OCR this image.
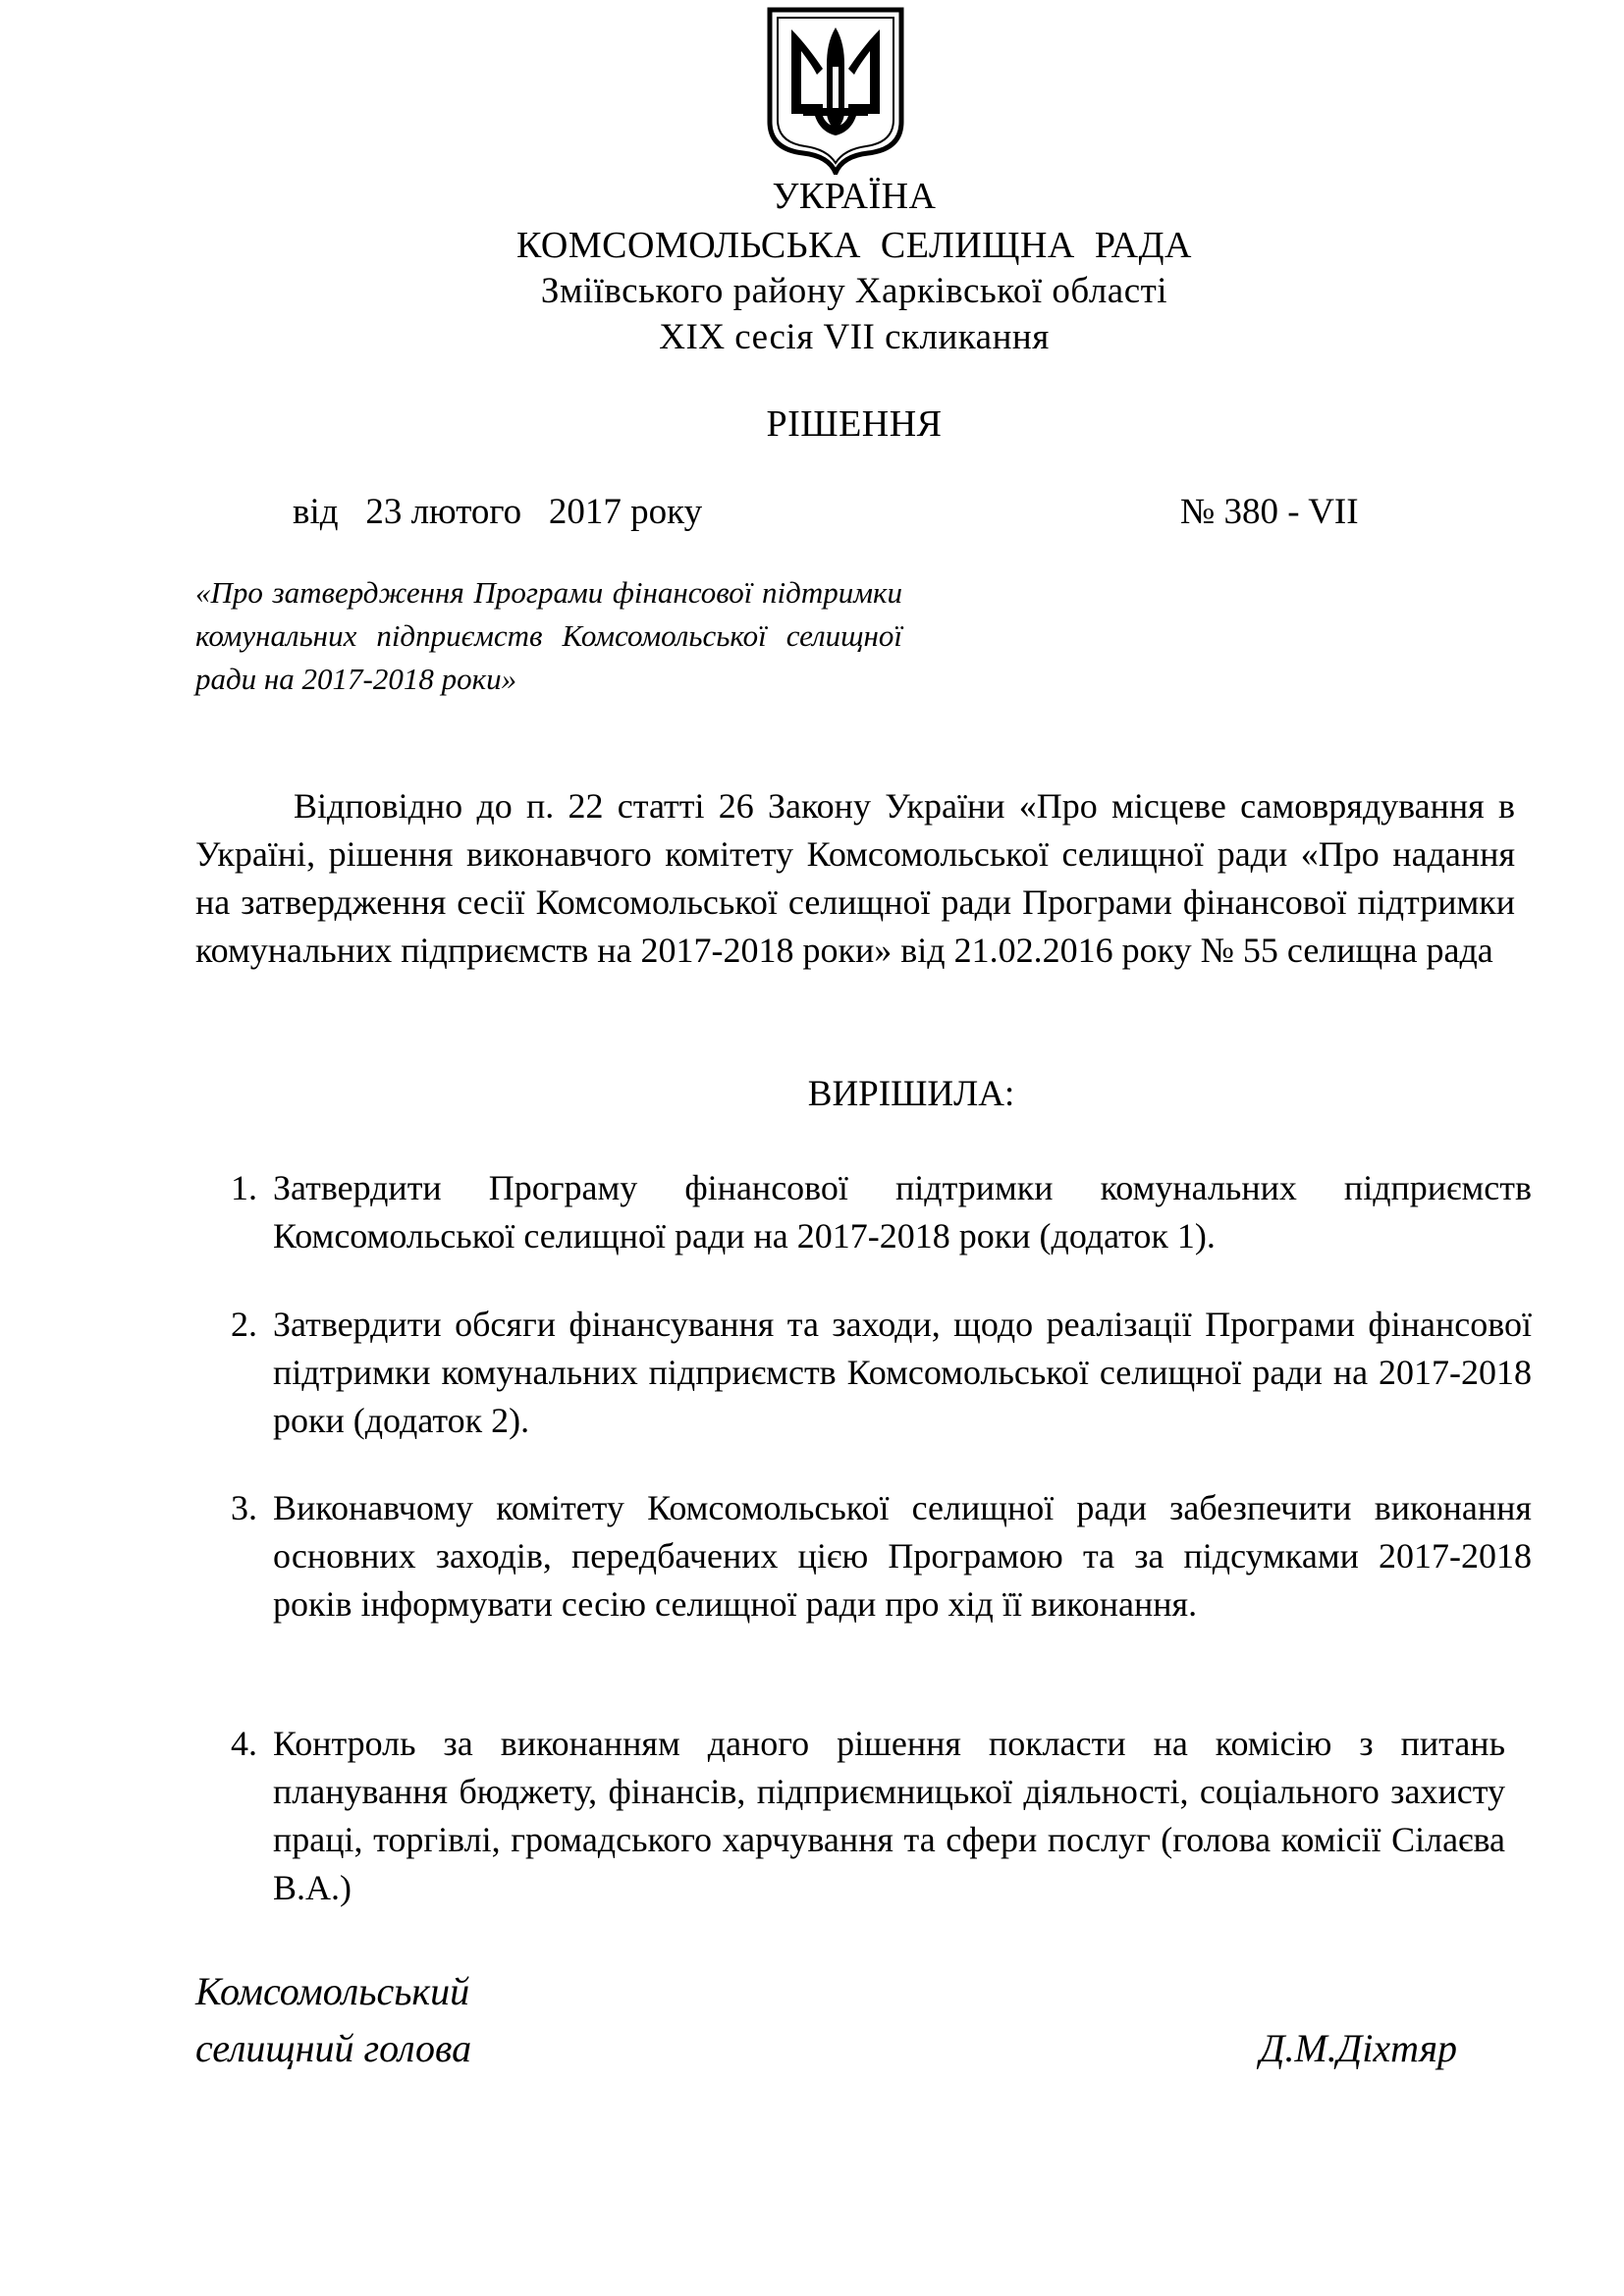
УКРАЇНА
КОМСОМОЛЬСЬКА  СЕЛИЩНА  РАДА
Зміївського району Харківської області
XIX сесія VII скликання
РІШЕННЯ
від   23 лютого   2017 року	№ 380 - VII
«Про затвердження Програми фінансової підтримки комунальних підприємств Комсомольської селищної ради на 2017-2018 роки»
Відповідно до п. 22 статті 26 Закону України «Про місцеве самоврядування в Україні, рішення виконавчого комітету Комсомольської селищної ради «Про надання на затвердження сесії Комсомольської селищної ради Програми фінансової підтримки комунальних підприємств на 2017-2018 роки» від 21.02.2016 року № 55 селищна рада
ВИРІШИЛА:
1. Затвердити Програму фінансової підтримки комунальних підприємств Комсомольської селищної ради на 2017-2018 роки (додаток 1).
2. Затвердити обсяги фінансування та заходи, щодо реалізації Програми фінансової підтримки комунальних підприємств Комсомольської селищної ради на 2017-2018 роки (додаток 2).
3. Виконавчому комітету Комсомольської селищної ради забезпечити виконання основних заходів, передбачених цією Програмою та за підсумками 2017-2018 років інформувати сесію селищної ради про хід її виконання.
4. Контроль за виконанням даного рішення покласти на комісію з питань планування бюджету, фінансів, підприємницької діяльності, соціального захисту праці, торгівлі, громадського харчування та сфери послуг (голова комісії Сілаєва В.А.)
Комсомольський
селищний голова	Д.М.Діхтяр
